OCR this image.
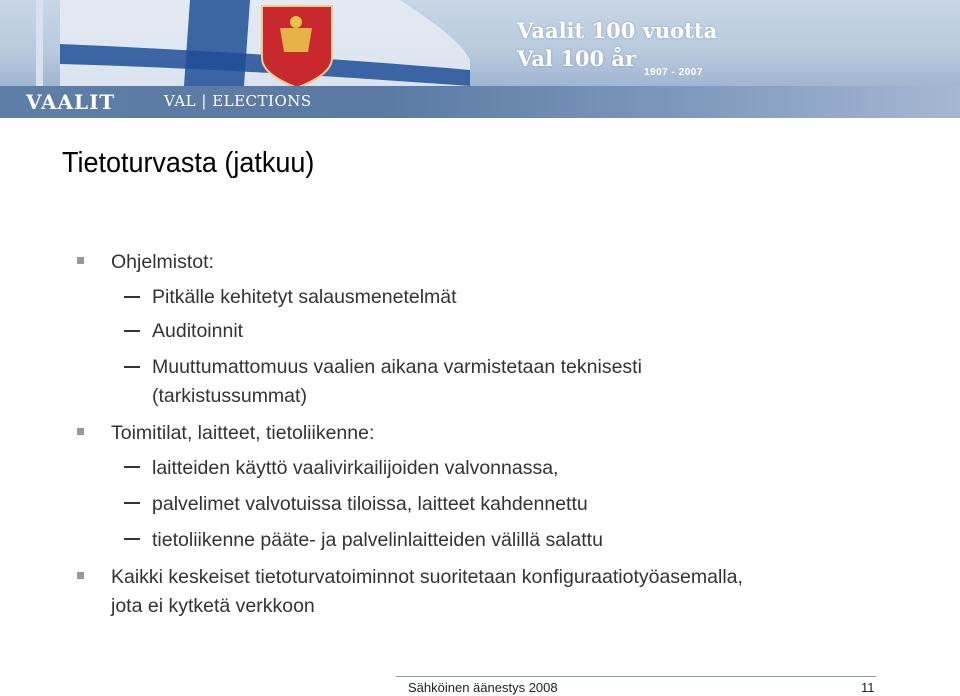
Vaalit 100 vuotta
Val 100 år
1907 - 2007
VAALIT	VAL | ELECTIONS
Tietoturvasta (jatkuu)
Ohjelmistot:
Pitkälle kehitetyt salausmenetelmät
Auditoinnit
Muuttumattomuus vaalien aikana varmistetaan teknisesti
(tarkistussummat)
Toimitilat, laitteet, tietoliikenne:
laitteiden käyttö vaalivirkailijoiden valvonnassa,
palvelimet valvotuissa tiloissa, laitteet kahdennettu
tietoliikenne pääte- ja palvelinlaitteiden välillä salattu
Kaikki keskeiset tietoturvatoiminnot suoritetaan konfiguraatiotyöasemalla,
jota ei kytketä verkkoon
Sähköinen äänestys 2008	11
